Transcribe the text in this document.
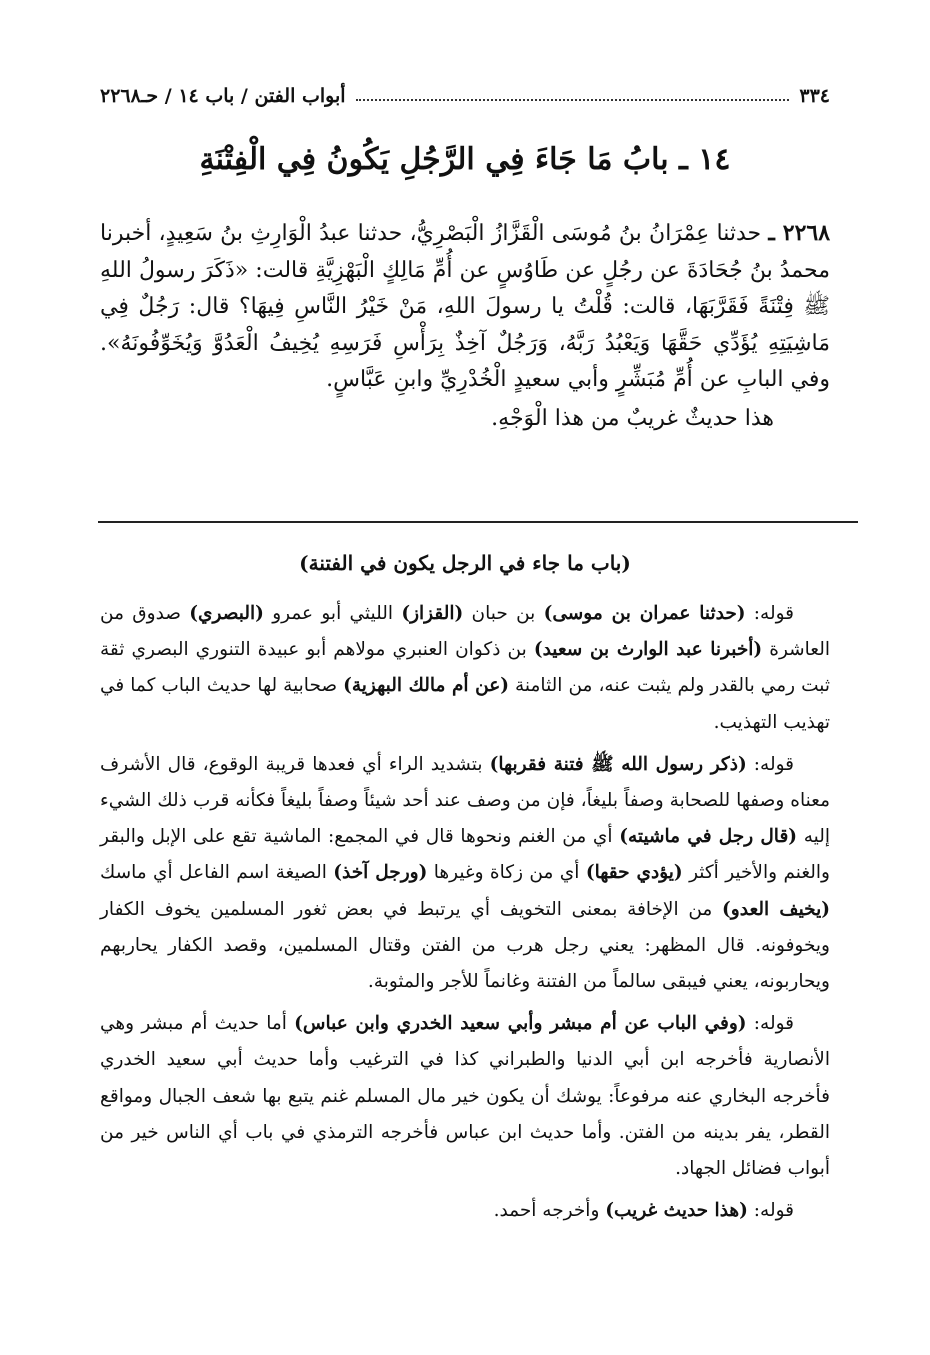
٣٣٤
أبواب الفتن / باب ١٤ / حـ٢٢٦٨
١٤ ـ بابُ مَا جَاءَ فِي الرَّجُلِ يَكُونُ فِي الْفِتْنَةِ

٢٢٦٨ ـ حدثنا عِمْرَانُ بنُ مُوسَى الْقَزَّازُ الْبَصْرِيُّ، حدثنا عبدُ الْوَارِثِ بنُ سَعِيدٍ، أخبرنا محمدُ بنُ جُحَادَةَ عن رجُلٍ عن طَاوُسٍ عن أُمِّ مَالِكٍ الْبَهْزِيَّةِ قالت: «ذَكَرَ رسولُ اللهِ ﷺ فِتْنَةً فَقَرَّبَهَا، قالت: قُلْتُ يا رسولَ اللهِ، مَنْ خَيْرُ النَّاسِ فِيهَا؟ قال: رَجُلٌ فِي مَاشِيَتِهِ يُؤَدِّي حَقَّهَا وَيَعْبُدُ رَبَّهُ، وَرَجُلٌ آخِذٌ بِرَأْسِ فَرَسِهِ يُخِيفُ الْعَدُوَّ وَيُخَوِّفُونَهُ». وفي البابِ عن أُمِّ مُبَشِّرٍ وأبي سعيدٍ الْخُدْرِيِّ وابنِ عَبَّاسٍ.

هذا حديثٌ غريبٌ من هذا الْوَجْهِ.

(باب ما جاء في الرجل يكون في الفتنة)

قوله: (حدثنا عمران بن موسى) بن حبان (القزاز) الليثي أبو عمرو (البصري) صدوق من العاشرة (أخبرنا عبد الوارث بن سعيد) بن ذكوان العنبري مولاهم أبو عبيدة التنوري البصري ثقة ثبت رمي بالقدر ولم يثبت عنه، من الثامنة (عن أم مالك البهزية) صحابية لها حديث الباب كما في تهذيب التهذيب.

قوله: (ذكر رسول الله ﷺ فتنة فقربها) بتشديد الراء أي فعدها قريبة الوقوع، قال الأشرف معناه وصفها للصحابة وصفاً بليغاً، فإن من وصف عند أحد شيئاً وصفاً بليغاً فكأنه قرب ذلك الشيء إليه (قال رجل في ماشيته) أي من الغنم ونحوها قال في المجمع: الماشية تقع على الإبل والبقر والغنم والأخير أكثر (يؤدي حقها) أي من زكاة وغيرها (ورجل آخذ) الصيغة اسم الفاعل أي ماسك (يخيف العدو) من الإخافة بمعنى التخويف أي يرتبط في بعض ثغور المسلمين يخوف الكفار ويخوفونه. قال المظهر: يعني رجل هرب من الفتن وقتال المسلمين، وقصد الكفار يحاربهم ويحاربونه، يعني فيبقى سالماً من الفتنة وغانماً للأجر والمثوبة.

قوله: (وفي الباب عن أم مبشر وأبي سعيد الخدري وابن عباس) أما حديث أم مبشر وهي الأنصارية فأخرجه ابن أبي الدنيا والطبراني كذا في الترغيب وأما حديث أبي سعيد الخدري فأخرجه البخاري عنه مرفوعاً: يوشك أن يكون خير مال المسلم غنم يتبع بها شعف الجبال ومواقع القطر، يفر بدينه من الفتن. وأما حديث ابن عباس فأخرجه الترمذي في باب أي الناس خير من أبواب فضائل الجهاد.

قوله: (هذا حديث غريب) وأخرجه أحمد.
